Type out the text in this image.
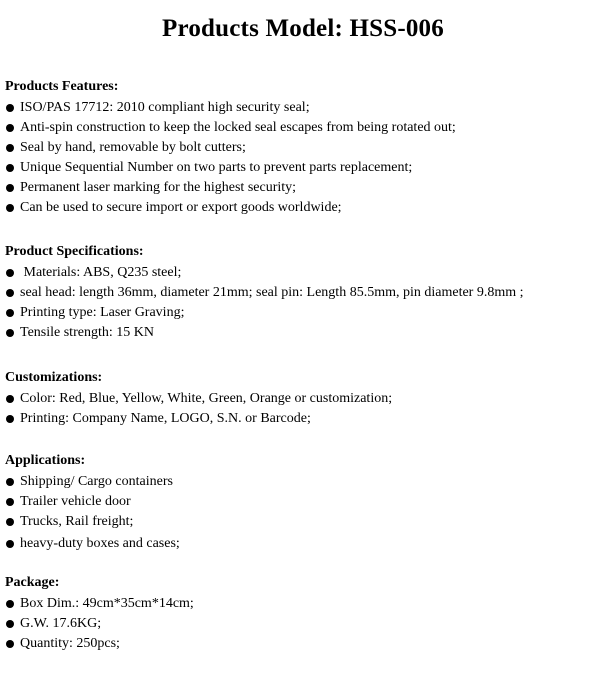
Products Model: HSS-006
Products Features:
ISO/PAS 17712: 2010 compliant high security seal;
Anti-spin construction to keep the locked seal escapes from being rotated out;
Seal by hand, removable by bolt cutters;
Unique Sequential Number on two parts to prevent parts replacement;
Permanent laser marking for the highest security;
Can be used to secure import or export goods worldwide;
Product Specifications:
Materials: ABS, Q235 steel;
seal head: length 36mm, diameter 21mm; seal pin: Length 85.5mm, pin diameter 9.8mm ;
Printing type: Laser Graving;
Tensile strength: 15 KN
Customizations:
Color: Red, Blue, Yellow, White, Green, Orange or customization;
Printing: Company Name, LOGO, S.N. or Barcode;
Applications:
Shipping/ Cargo containers
Trailer vehicle door
Trucks, Rail freight;
heavy-duty boxes and cases;
Package:
Box Dim.: 49cm*35cm*14cm;
G.W. 17.6KG;
Quantity: 250pcs;
